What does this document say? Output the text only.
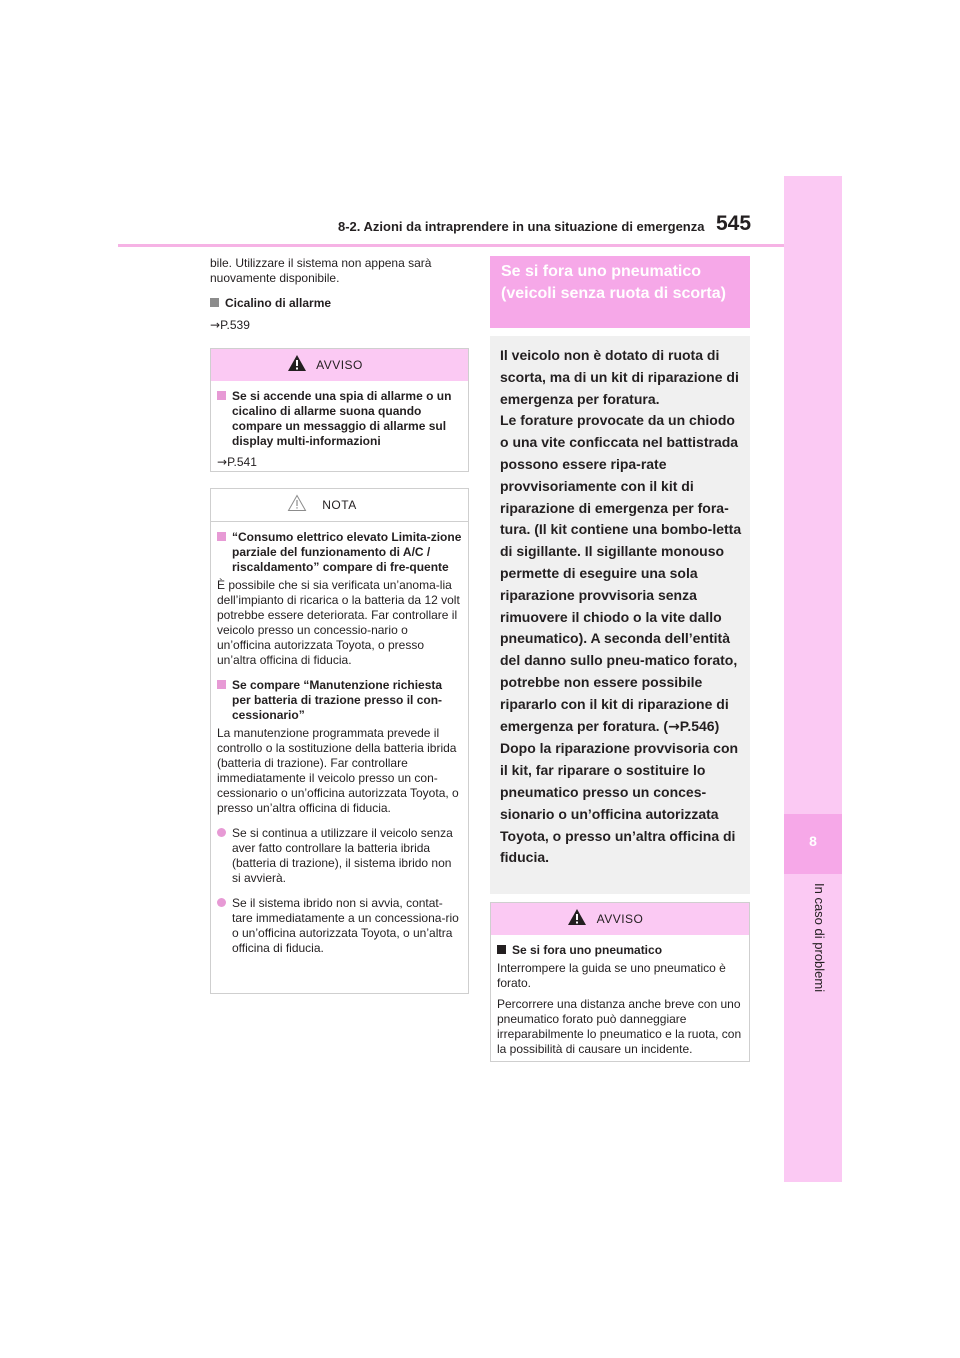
8
In caso di problemi
8-2. Azioni da intraprendere in una situazione di emergenza 545
bile. Utilizzare il sistema non appena sarà nuovamente disponibile.
Cicalino di allarme
→P.539
AVVISO
Se si accende una spia di allarme o un cicalino di allarme suona quando compare un messaggio di allarme sul display multi-informazioni
→P.541
NOTA
“Consumo elettrico elevato Limita-zione parziale del funzionamento di A/C / riscaldamento” compare di fre-quente
È possibile che si sia verificata un’anoma-lia dell’impianto di ricarica o la batteria da 12 volt potrebbe essere deteriorata. Far controllare il veicolo presso un concessio-nario o un’officina autorizzata Toyota, o presso un’altra officina di fiducia.
Se compare “Manutenzione richiesta per batteria di trazione presso il con-cessionario”
La manutenzione programmata prevede il controllo o la sostituzione della batteria ibrida (batteria di trazione). Far controllare immediatamente il veicolo presso un con-cessionario o un’officina autorizzata Toyota, o presso un’altra officina di fiducia.
Se si continua a utilizzare il veicolo senza aver fatto controllare la batteria ibrida (batteria di trazione), il sistema ibrido non si avvierà.
Se il sistema ibrido non si avvia, contat-tare immediatamente a un concessiona-rio o un’officina autorizzata Toyota, o un’altra officina di fiducia.
Se si fora uno pneumatico (veicoli senza ruota di scorta)
Il veicolo non è dotato di ruota di scorta, ma di un kit di riparazione di emergenza per foratura.
Le forature provocate da un chiodo o una vite conficcata nel battistrada possono essere ripa-rate provvisoriamente con il kit di riparazione di emergenza per fora-tura. (Il kit contiene una bombo-letta di sigillante. Il sigillante monouso permette di eseguire una sola riparazione provvisoria senza rimuovere il chiodo o la vite dallo pneumatico). A seconda dell’entità del danno sullo pneu-matico forato, potrebbe non essere possibile ripararlo con il kit di riparazione di emergenza per foratura. (→P.546)
Dopo la riparazione provvisoria con il kit, far riparare o sostituire lo pneumatico presso un conces-sionario o un’officina autorizzata Toyota, o presso un’altra officina di fiducia.
AVVISO
Se si fora uno pneumatico
Interrompere la guida se uno pneumatico è forato.
Percorrere una distanza anche breve con uno pneumatico forato può danneggiare irreparabilmente lo pneumatico e la ruota, con la possibilità di causare un incidente.
